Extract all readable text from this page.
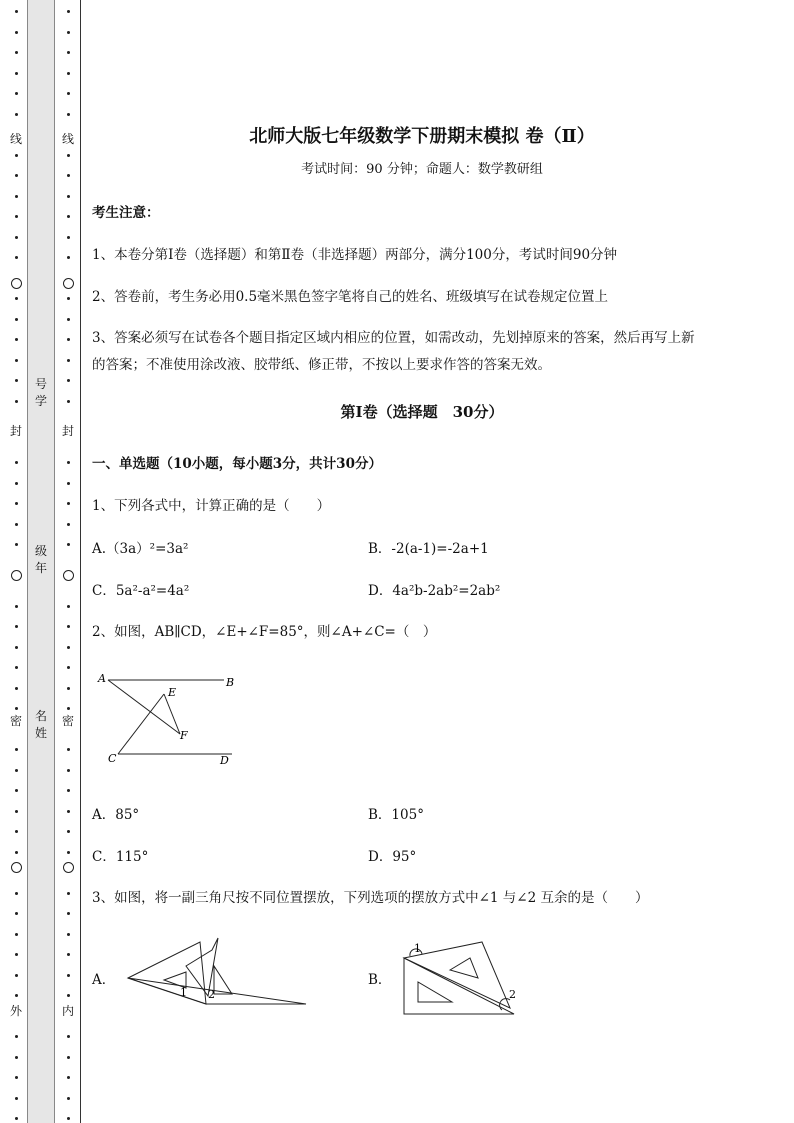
线
封
密
外
线
封
密
内
号学
级年
名姓
北师大版七年级数学下册期末模拟 卷（Ⅱ）
考试时间：90 分钟；命题人：数学教研组
考生注意：
1、本卷分第Ⅰ卷（选择题）和第Ⅱ卷（非选择题）两部分，满分100分，考试时间90分钟
2、答卷前，考生务必用0.5毫米黑色签字笔将自己的姓名、班级填写在试卷规定位置上
3、答案必须写在试卷各个题目指定区域内相应的位置，如需改动，先划掉原来的答案，然后再写上新
的答案；不准使用涂改液、胶带纸、修正带，不按以上要求作答的答案无效。
第Ⅰ卷（选择题　30分）
一、单选题（10小题，每小题3分，共计30分）
1、下列各式中，计算正确的是（　　）
A.（3a）²=3a²	B．-2(a-1)=-2a+1
C．5a²-a²=4a²	D．4a²b-2ab²=2ab²
2、如图，AB∥CD，∠E+∠F=85°，则∠A+∠C=（　）
A	B
E
F
C	D
A．85°	B．105°
C．115°	D．95°
3、如图，将一副三角尺按不同位置摆放，下列选项的摆放方式中∠1 与∠2 互余的是（　　）
A．
1 2
B．
1
2
